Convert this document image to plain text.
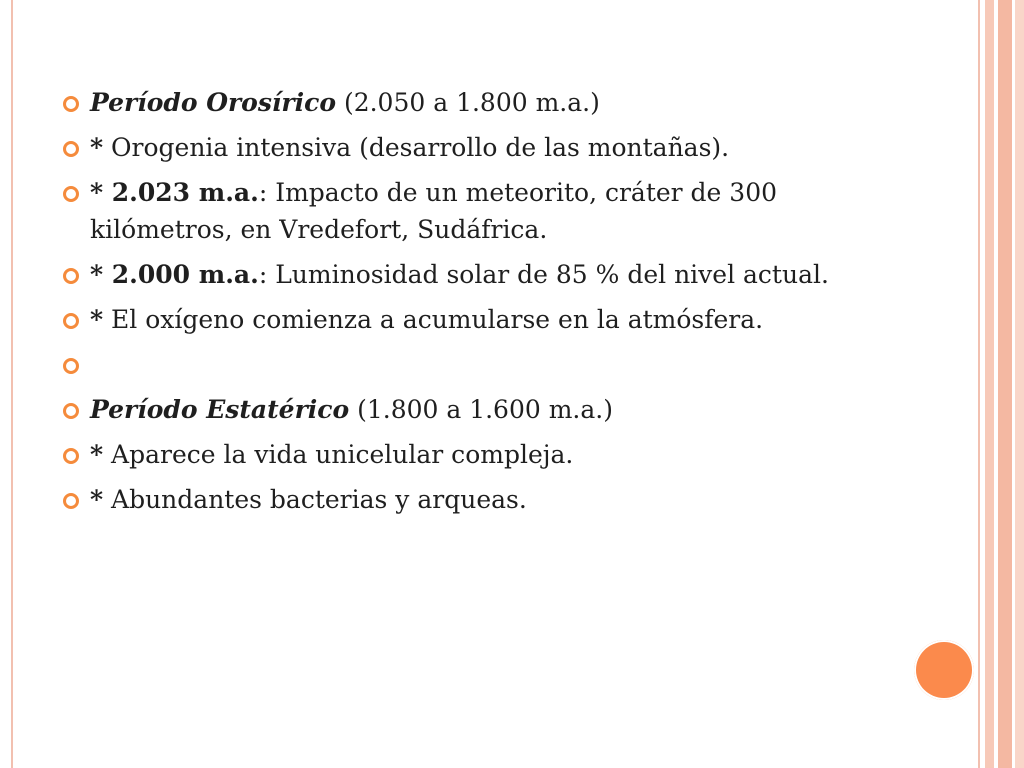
Período Orosírico (2.050 a 1.800 m.a.)
* Orogenia intensiva (desarrollo de las montañas).
* 2.023 m.a.: Impacto de un meteorito, cráter de 300 kilómetros, en Vredefort, Sudáfrica.
* 2.000 m.a.: Luminosidad solar de 85 % del nivel actual.
* El oxígeno comienza a acumularse en la atmósfera.
Período Estatérico (1.800 a 1.600 m.a.)
* Aparece la vida unicelular compleja.
* Abundantes bacterias y arqueas.
